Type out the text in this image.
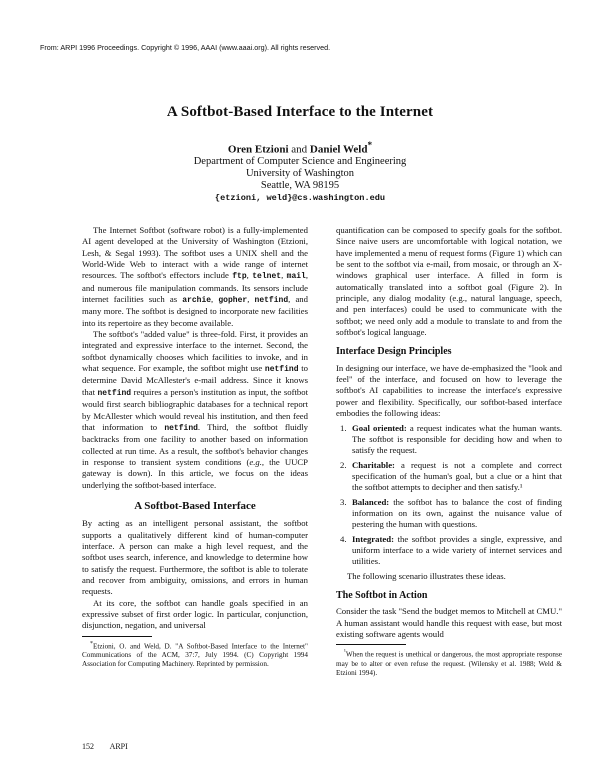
From: ARPI 1996 Proceedings. Copyright © 1996, AAAI (www.aaai.org). All rights reserved.
A Softbot-Based Interface to the Internet
Oren Etzioni and Daniel Weld*
Department of Computer Science and Engineering
University of Washington
Seattle, WA 98195
{etzioni, weld}@cs.washington.edu

The Internet Softbot (software robot) is a fully-implemented AI agent developed at the University of Washington (Etzioni, Lesh, & Segal 1993). The softbot uses a UNIX shell and the World-Wide Web to interact with a wide range of internet resources. The softbot's effectors include ftp, telnet, mail, and numerous file manipulation commands. Its sensors include internet facilities such as archie, gopher, netfind, and many more. The softbot is designed to incorporate new facilities into its repertoire as they become available.

The softbot's "added value" is three-fold. First, it provides an integrated and expressive interface to the internet. Second, the softbot dynamically chooses which facilities to invoke, and in what sequence. For example, the softbot might use netfind to determine David McAllester's e-mail address. Since it knows that netfind requires a person's institution as input, the softbot would first search bibliographic databases for a technical report by McAllester which would reveal his institution, and then feed that information to netfind. Third, the softbot fluidly backtracks from one facility to another based on information collected at run time. As a result, the softbot's behavior changes in response to transient system conditions (e.g., the UUCP gateway is down). In this article, we focus on the ideas underlying the softbot-based interface.

A Softbot-Based Interface

By acting as an intelligent personal assistant, the softbot supports a qualitatively different kind of human-computer interface. A person can make a high level request, and the softbot uses search, inference, and knowledge to determine how to satisfy the request. Furthermore, the softbot is able to tolerate and recover from ambiguity, omissions, and errors in human requests.

At its core, the softbot can handle goals specified in an expressive subset of first order logic. In particular, conjunction, disjunction, negation, and universal

*Etzioni, O. and Weld, D. "A Softbot-Based Interface to the Internet" Communications of the ACM, 37:7, July 1994. (C) Copyright 1994 Association for Computing Machinery. Reprinted by permission.

quantification can be composed to specify goals for the softbot. Since naive users are uncomfortable with logical notation, we have implemented a menu of request forms (Figure 1) which can be sent to the softbot via e-mail, from mosaic, or through an X-windows graphical user interface. A filled in form is automatically translated into a softbot goal (Figure 2). In principle, any dialog modality (e.g., natural language, speech, and pen interfaces) could be used to communicate with the softbot; we need only add a module to translate to and from the softbot's logical language.

Interface Design Principles

In designing our interface, we have de-emphasized the "look and feel" of the interface, and focused on how to leverage the softbot's AI capabilities to increase the interface's expressive power and flexibility. Specifically, our softbot-based interface embodies the following ideas:

1. Goal oriented: a request indicates what the human wants. The softbot is responsible for deciding how and when to satisfy the request.
2. Charitable: a request is not a complete and correct specification of the human's goal, but a clue or a hint that the softbot attempts to decipher and then satisfy.¹
3. Balanced: the softbot has to balance the cost of finding information on its own, against the nuisance value of pestering the human with questions.
4. Integrated: the softbot provides a single, expressive, and uniform interface to a wide variety of internet services and utilities.

The following scenario illustrates these ideas.

The Softbot in Action

Consider the task "Send the budget memos to Mitchell at CMU." A human assistant would handle this request with ease, but most existing software agents would

$^{^1}$When the request is unethical or dangerous, the most appropriate response may be to alter or even refuse the request. (Wilensky et al. 1988; Weld & Etzioni 1994).
152 ARPI
